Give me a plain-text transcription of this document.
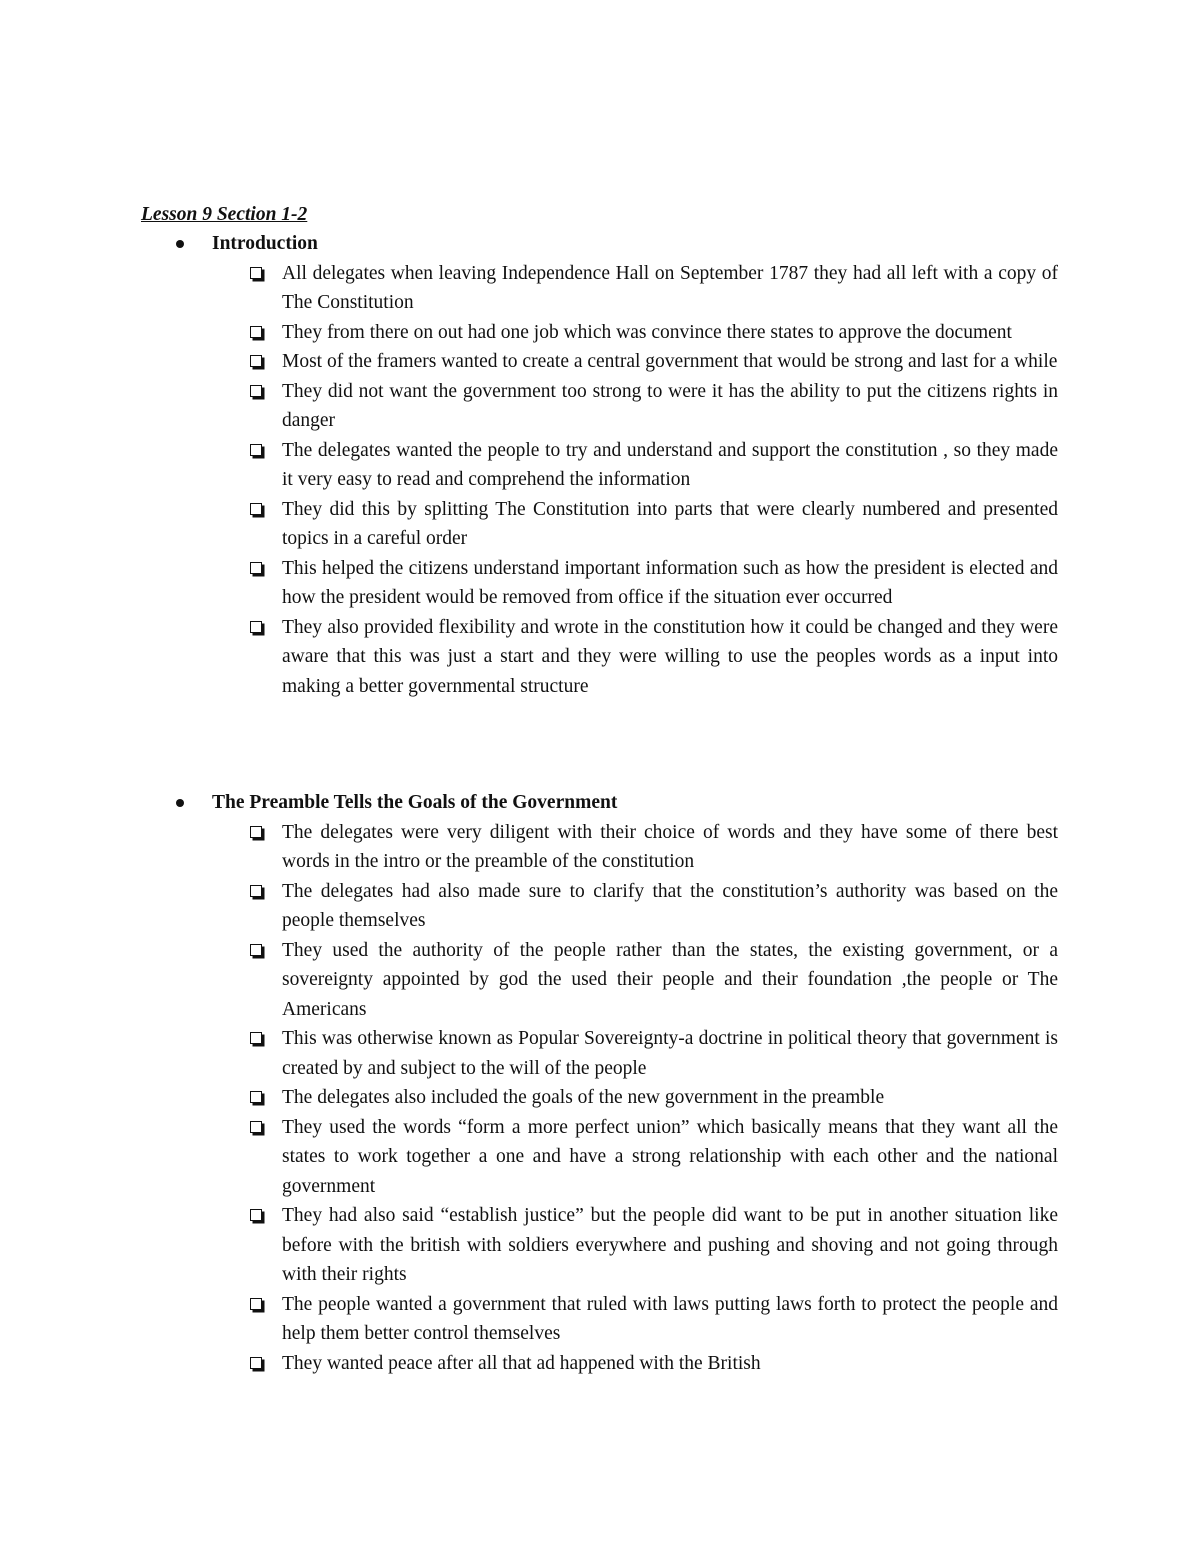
Lesson 9 Section 1-2
Introduction

All delegates when leaving Independence Hall on September 1787 they had all left with a copy of The Constitution

They from there on out had one job which was convince there states to approve the document

Most of the framers wanted to create a central government that would be strong and last for a while

They did not want the government too strong to were it has the ability to put the citizens rights in danger

The delegates wanted the people to try and understand and support the constitution , so they made it very easy to read and comprehend the information

They did this by splitting The Constitution into parts that were clearly numbered and presented topics in a careful order

This helped the citizens understand important information such as how the president is elected and how the president would be removed from office if the situation ever occurred

They also provided flexibility and wrote in the constitution how it could be changed and they were aware that this was just a start and they were willing to use the peoples words as a input into making a better governmental structure

The Preamble Tells the Goals of the Government

The delegates were very diligent with their choice of words and they have some of there best words in the intro or the preamble of the constitution

The delegates had also made sure to clarify that the constitution’s authority was based on the people themselves

They used the authority of the people rather than the states, the existing government, or a sovereignty appointed by god the used their people and their foundation ,the people or The Americans

This was otherwise known as Popular Sovereignty-a doctrine in political theory that government is created by and subject to the will of the people

The delegates also included the goals of the new government in the preamble

They used the words “form a more perfect union” which basically means that they want all the states to work together a one and have a strong relationship with each other and the national government

They had also said “establish justice” but the people did want to be put in another situation like before with the british with soldiers everywhere and pushing and shoving and not going through with their rights

The people wanted a government that ruled with laws putting laws forth to protect the people and help them better control themselves

They wanted peace after all that ad happened with the British
